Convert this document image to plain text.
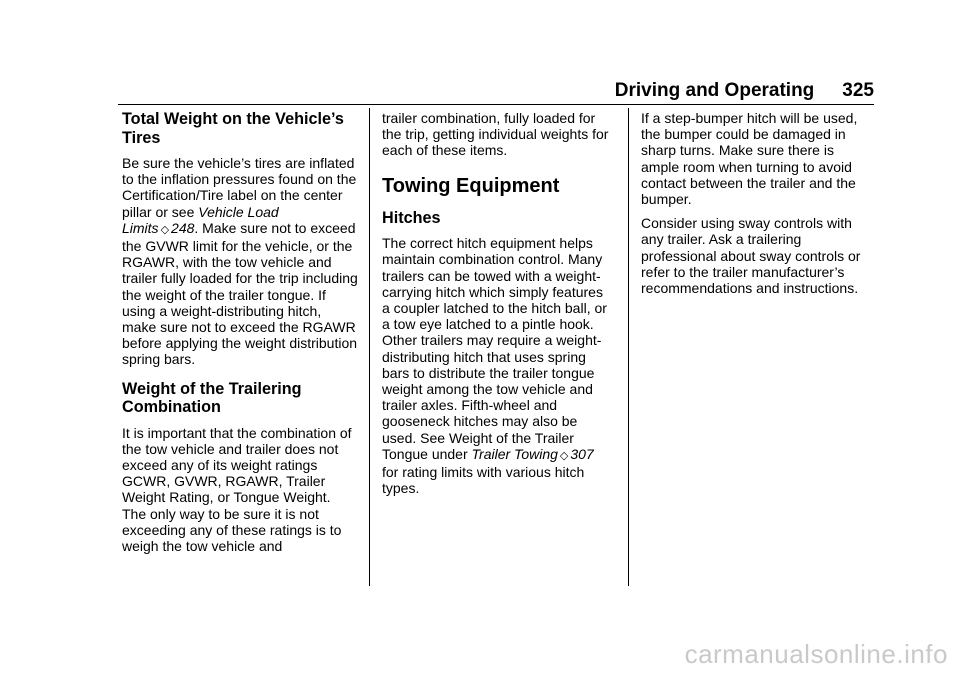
Driving and Operating 325
Total Weight on the Vehicle’s Tires

Be sure the vehicle’s tires are inflated to the inflation pressures found on the Certification/Tire label on the center pillar or see Vehicle Load Limits ◇ 248. Make sure not to exceed the GVWR limit for the vehicle, or the RGAWR, with the tow vehicle and trailer fully loaded for the trip including the weight of the trailer tongue. If using a weight-distributing hitch, make sure not to exceed the RGAWR before applying the weight distribution spring bars.

Weight of the Trailering Combination

It is important that the combination of the tow vehicle and trailer does not exceed any of its weight ratings GCWR, GVWR, RGAWR, Trailer Weight Rating, or Tongue Weight. The only way to be sure it is not exceeding any of these ratings is to weigh the tow vehicle and

trailer combination, fully loaded for the trip, getting individual weights for each of these items.

Towing Equipment
Hitches

The correct hitch equipment helps maintain combination control. Many trailers can be towed with a weight-carrying hitch which simply features a coupler latched to the hitch ball, or a tow eye latched to a pintle hook. Other trailers may require a weight-distributing hitch that uses spring bars to distribute the trailer tongue weight among the tow vehicle and trailer axles. Fifth-wheel and gooseneck hitches may also be used. See Weight of the Trailer Tongue under Trailer Towing ◇ 307 for rating limits with various hitch types.

If a step-bumper hitch will be used, the bumper could be damaged in sharp turns. Make sure there is ample room when turning to avoid contact between the trailer and the bumper.

Consider using sway controls with any trailer. Ask a trailering professional about sway controls or refer to the trailer manufacturer’s recommendations and instructions.

carmanualsonline.info
